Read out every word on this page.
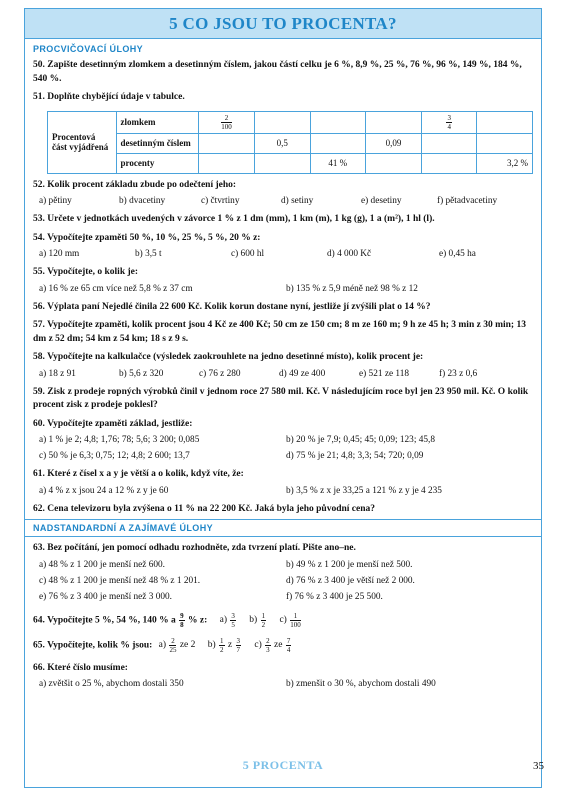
5 CO JSOU TO PROCENTA?
PROCVIČOVACÍ ÚLOHY
50. Zapište desetinným zlomkem a desetinným číslem, jakou částí celku je 6 %, 8,9 %, 25 %, 76 %, 96 %, 149 %, 184 %, 540 %.
51. Doplňte chybějící údaje v tabulce.
Procentová část vyjádřená	zlomkem	$\frac{2}{100}$				$\frac{3}{4}$

	desetinným číslem		0,5		0,09		
	procenty			41 %			3,2 %
52. Kolik procent základu zbude po odečtení jeho:
a) pětiny	b) dvacetiny	c) čtvrtiny	d) setiny	e) desetiny	f) pětadvacetiny
53. Určete v jednotkách uvedených v závorce 1 % z 1 dm (mm), 1 km (m), 1 kg (g), 1 a (m²), 1 hl (l).
54. Vypočítejte zpaměti 50 %, 10 %, 25 %, 5 %, 20 % z:
a) 120 mm	b) 3,5 t	c) 600 hl	d) 4 000 Kč	e) 0,45 ha
55. Vypočítejte, o kolik je:
a) 16 % ze 65 cm více než 5,8 % z 37 cm	b) 135 % z 5,9 méně než 98 % z 12
56. Výplata paní Nejedlé činila 22 600 Kč. Kolik korun dostane nyní, jestliže jí zvýšili plat o 14 %?
57. Vypočítejte zpaměti, kolik procent jsou 4 Kč ze 400 Kč; 50 cm ze 150 cm; 8 m ze 160 m; 9 h ze 45 h; 3 min z 30 min; 13 dm z 52 dm; 54 km z 54 km; 18 s z 9 s.
58. Vypočítejte na kalkulačce (výsledek zaokrouhlete na jedno desetinné místo), kolik procent je:
a) 18 z 91	b) 5,6 z 320	c) 76 z 280	d) 49 ze 400	e) 521 ze 118	f) 23 z 0,6
59. Zisk z prodeje ropných výrobků činil v jednom roce 27 580 mil. Kč. V následujícím roce byl jen 23 950 mil. Kč. O kolik procent zisk z prodeje poklesl?
60. Vypočítejte zpaměti základ, jestliže:
a) 1 % je 2; 4,8; 1,76; 78; 5,6; 3 200; 0,085	b) 20 % je 7,9; 0,45; 45; 0,09; 123; 45,8
c) 50 % je 6,3; 0,75; 12; 4,8; 2 600; 13,7	d) 75 % je 21; 4,8; 3,3; 54; 720; 0,09
61. Které z čísel x a y je větší a o kolik, když víte, že:
a) 4 % z x jsou 24 a 12 % z y je 60	b) 3,5 % z x je 33,25 a 121 % z y je 4 235
62. Cena televizoru byla zvýšena o 11 % na 22 200 Kč. Jaká byla jeho původní cena?
NADSTANDARDNÍ A ZAJÍMAVÉ ÚLOHY
63. Bez počítání, jen pomocí odhadu rozhodněte, zda tvrzení platí. Pište ano–ne.
a) 48 % z 1 200 je menší než 600.	b) 49 % z 1 200 je menší než 500.
c) 48 % z 1 200 je menší než 48 % z 1 201.	d) 76 % z 3 400 je větší než 2 000.
e) 76 % z 3 400 je menší než 3 000.	f) 76 % z 3 400 je 25 500.
64. Vypočítejte 5 %, 54 %, 140 % a $\frac{9}{8}$ % z: $a) \frac{3}{5} b) \frac{1}{2} c) \frac{1}{100}$
65. Vypočítejte, kolik % jsou: $a) \frac{2}{25}$ ze 2 $b) \frac{1}{2}$ z $\frac{3}{7} c) \frac{2}{3}$ ze $\frac{7}{4}$
66. Které číslo musíme:
a) zvětšit o 25 %, abychom dostali 350	b) zmenšit o 30 %, abychom dostali 490
5 PROCENTA	35
